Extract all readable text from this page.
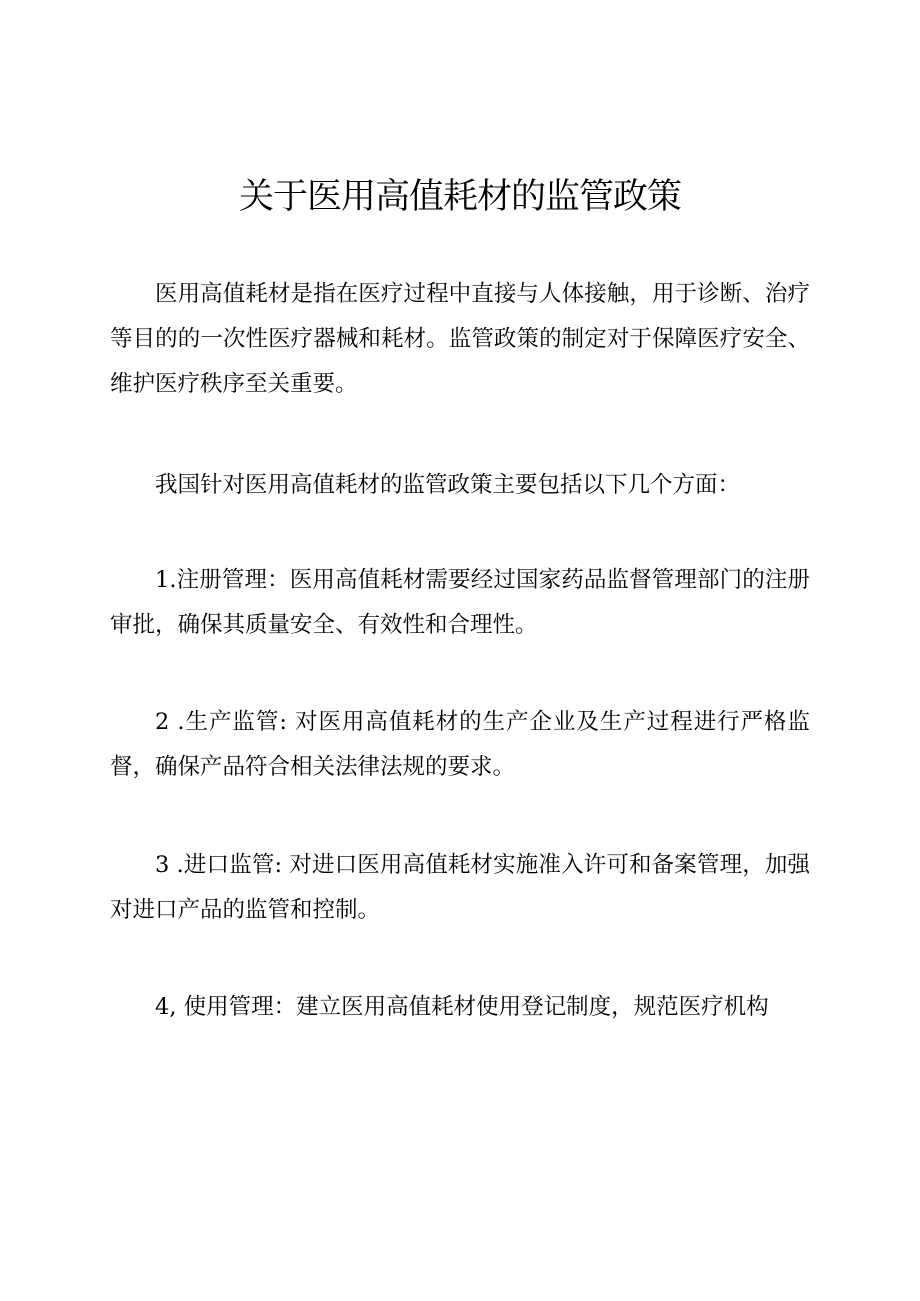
关于医用高值耗材的监管政策

医用高值耗材是指在医疗过程中直接与人体接触，用于诊断、治疗等目的的一次性医疗器械和耗材。监管政策的制定对于保障医疗安全、维护医疗秩序至关重要。

我国针对医用高值耗材的监管政策主要包括以下几个方面：

1.注册管理：医用高值耗材需要经过国家药品监督管理部门的注册审批，确保其质量安全、有效性和合理性。

2 .生产监管: 对医用高值耗材的生产企业及生产过程进行严格监督，确保产品符合相关法律法规的要求。

3 .进口监管: 对进口医用高值耗材实施准入许可和备案管理，加强对进口产品的监管和控制。

4, 使用管理：建立医用高值耗材使用登记制度，规范医疗机构
